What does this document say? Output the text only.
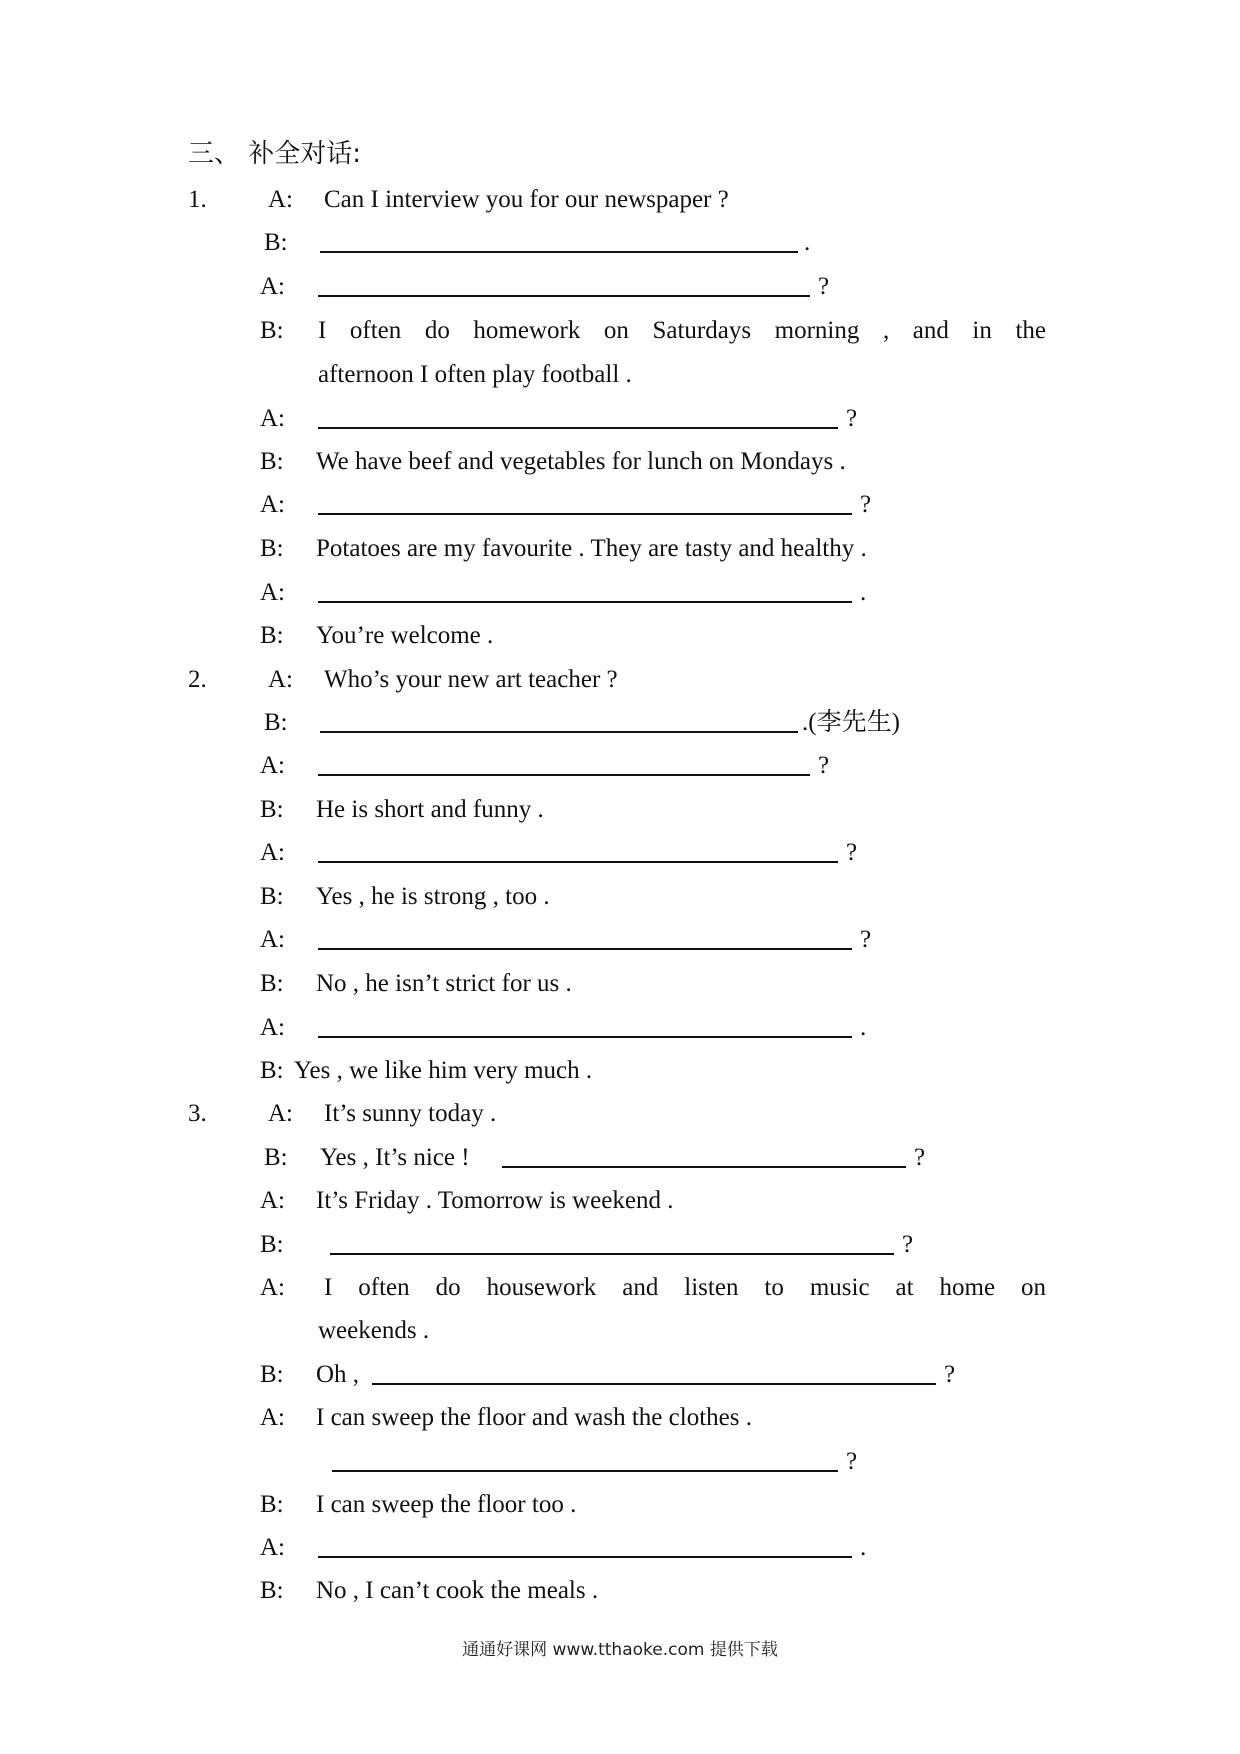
三、 补全对话:
1. A: Can I interview you for our newspaper ?
B:	.
A:	?
B: I often do homework on Saturdays morning , and in the
afternoon I often play football .
A:	?
B: We have beef and vegetables for lunch on Mondays .
A:	?
B: Potatoes are my favourite . They are tasty and healthy .
A:	.
B: You’re welcome .
2. A: Who’s your new art teacher ?
B:	.(李先生)
A:	?
B: He is short and funny .
A:	?
B: Yes , he is strong , too .
A:	?
B: No , he isn’t strict for us .
A:	.
B: Yes , we like him very much .
3. A: It’s sunny today .
B: Yes , It’s nice !	?
A: It’s Friday . Tomorrow is weekend .
B:	?
A: I often do housework and listen to music at home on
weekends .
B: Oh ,	?
A: I can sweep the floor and wash the clothes .
?
B: I can sweep the floor too .
A:	.
B: No , I can’t cook the meals .
通通好课网 www.tthaoke.com 提供下载
